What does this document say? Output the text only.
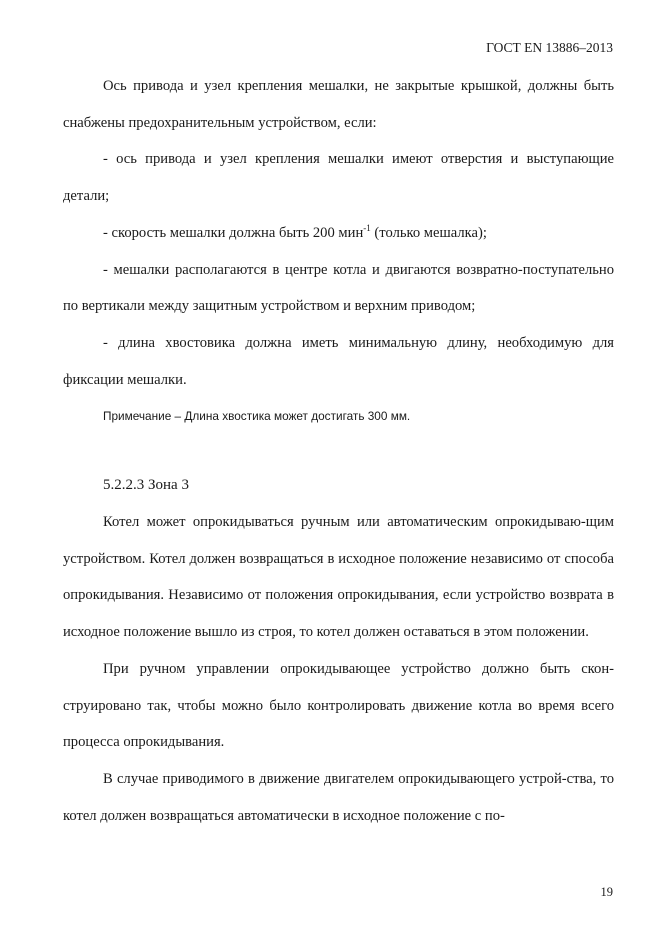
ГОСТ EN 13886–2013

Ось привода и узел крепления мешалки, не закрытые крышкой, должны быть снабжены предохранительным устройством, если:

- ось привода и узел крепления мешалки имеют отверстия и выступающие детали;

- скорость мешалки должна быть 200 мин$^{-1}$ (только мешалка);

- мешалки располагаются в центре котла и двигаются возвратно-поступательно по вертикали между защитным устройством и верхним приводом;

- длина хвостовика должна иметь минимальную длину, необходимую для фиксации мешалки.

Примечание – Длина хвостика может достигать 300 мм.

5.2.2.3 Зона 3

Котел может опрокидываться ручным или автоматическим опрокидываю-щим устройством. Котел должен возвращаться в исходное положение независимо от способа опрокидывания. Независимо от положения опрокидывания, если устройство возврата в исходное положение вышло из строя, то котел должен оставаться в этом положении.

При ручном управлении опрокидывающее устройство должно быть скон-струировано так, чтобы можно было контролировать движение котла во время всего процесса опрокидывания.

В случае приводимого в движение двигателем опрокидывающего устрой-ства, то котел должен возвращаться автоматически в исходное положение с по-

19
